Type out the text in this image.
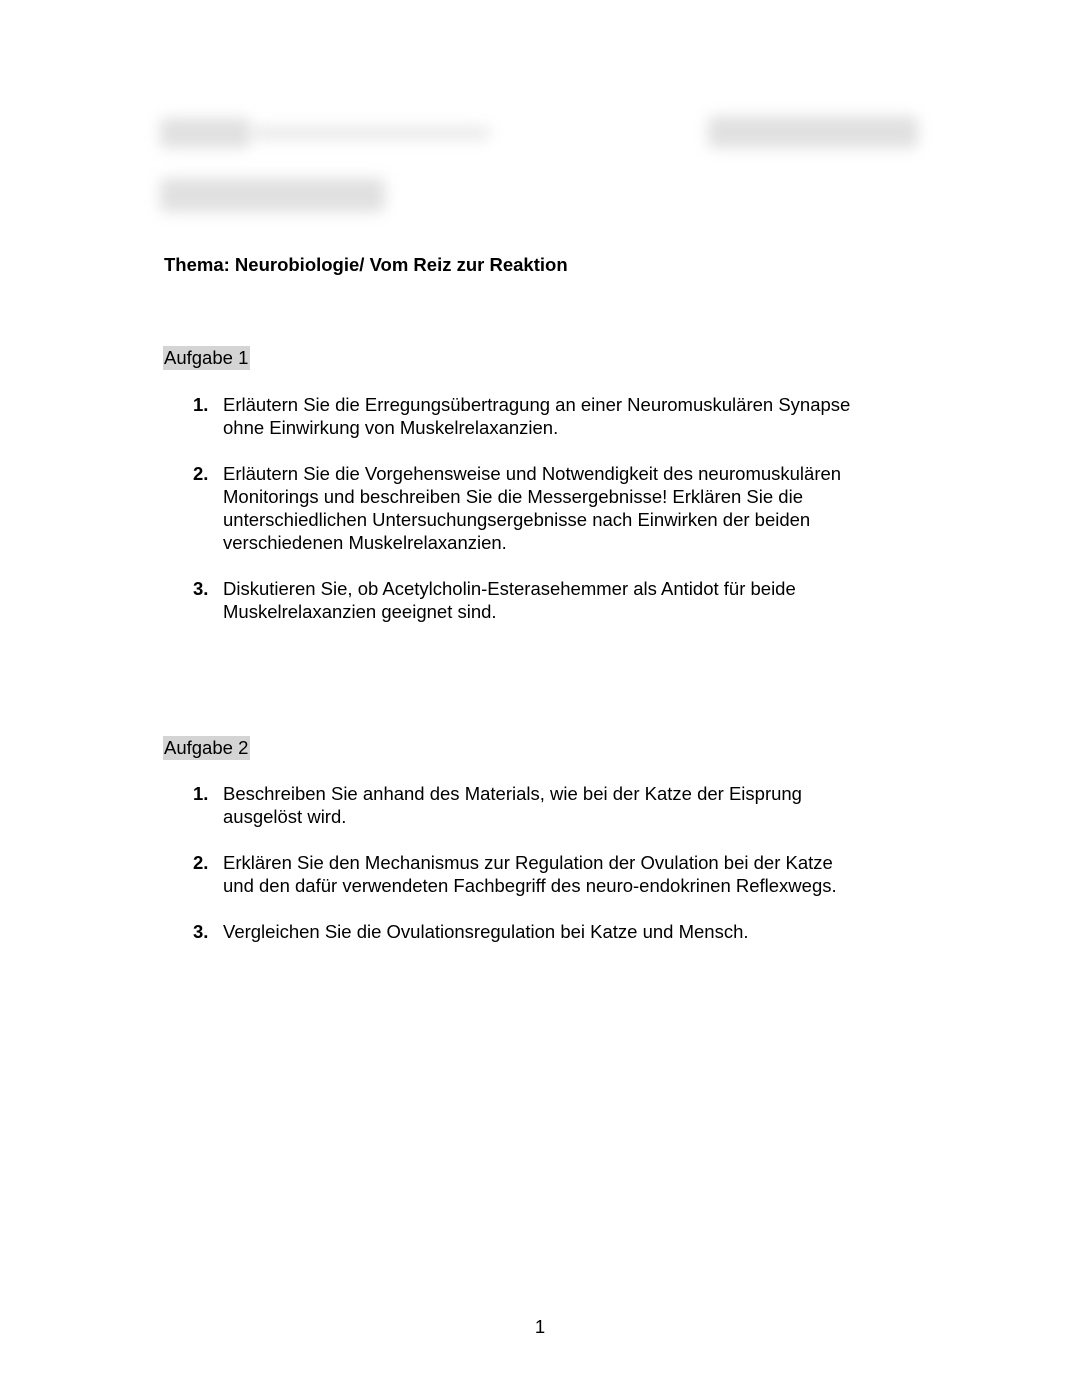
Thema: Neurobiologie/ Vom Reiz zur Reaktion
Aufgabe 1
1. Erläutern Sie die Erregungsübertragung an einer Neuromuskulären Synapse
ohne Einwirkung von Muskelrelaxanzien.
2. Erläutern Sie die Vorgehensweise und Notwendigkeit des neuromuskulären
Monitorings und beschreiben Sie die Messergebnisse! Erklären Sie die
unterschiedlichen Untersuchungsergebnisse nach Einwirken der beiden
verschiedenen Muskelrelaxanzien.
3. Diskutieren Sie, ob Acetylcholin-Esterasehemmer als Antidot für beide
Muskelrelaxanzien geeignet sind.
Aufgabe 2
1. Beschreiben Sie anhand des Materials, wie bei der Katze der Eisprung
ausgelöst wird.
2. Erklären Sie den Mechanismus zur Regulation der Ovulation bei der Katze
und den dafür verwendeten Fachbegriff des neuro-endokrinen Reflexwegs.
3. Vergleichen Sie die Ovulationsregulation bei Katze und Mensch.
1
